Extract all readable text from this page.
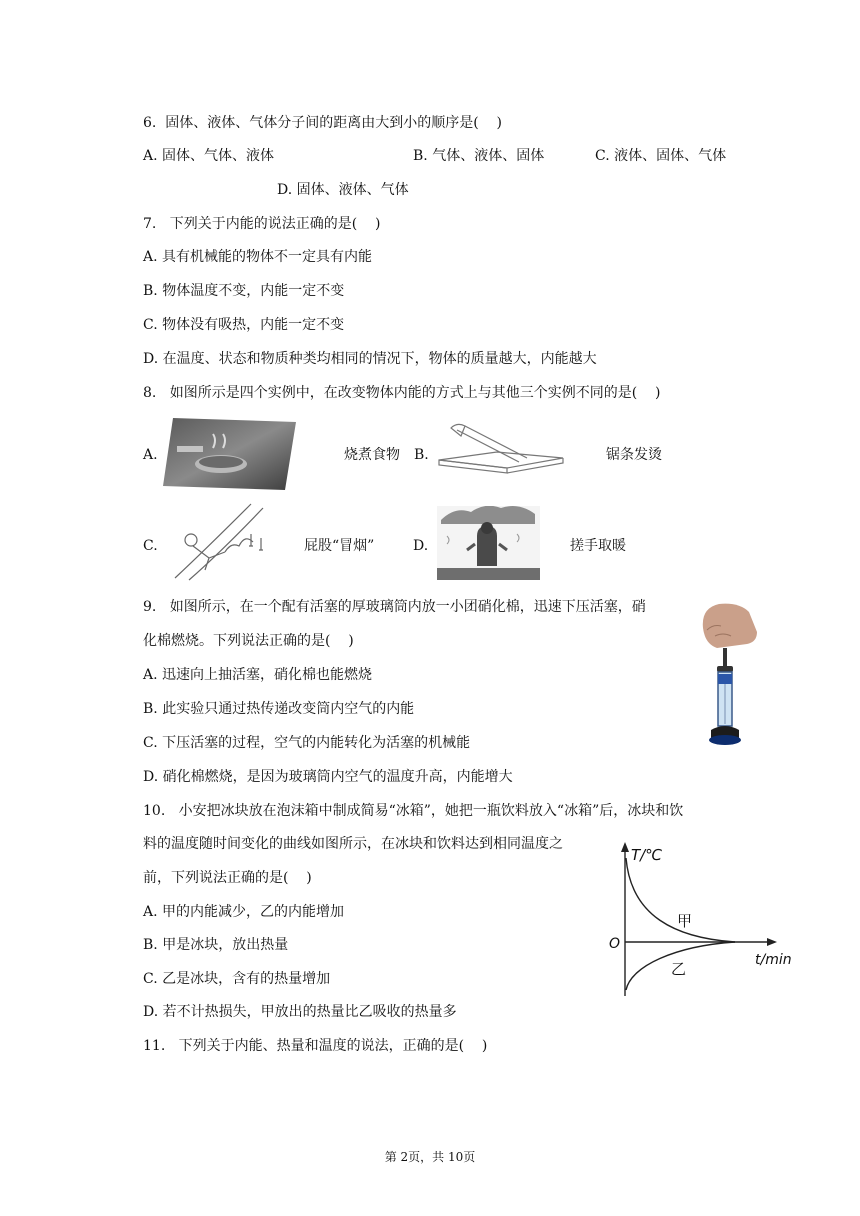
6.  固体、液体、气体分子间的距离由大到小的顺序是(    )
A. 固体、气体、液体	B. 气体、液体、固体	C. 液体、固体、气体
D. 固体、液体、气体
7.   下列关于内能的说法正确的是(    )
A. 具有机械能的物体不一定具有内能
B. 物体温度不变，内能一定不变
C. 物体没有吸热，内能一定不变
D. 在温度、状态和物质种类均相同的情况下，物体的质量越大，内能越大
8.   如图所示是四个实例中，在改变物体内能的方式上与其他三个实例不同的是(    )
A.	烧煮食物 B.	锯条发烫
C.	屁股“冒烟”	D.	搓手取暖
9.   如图所示，在一个配有活塞的厚玻璃筒内放一小团硝化棉，迅速下压活塞，硝
化棉燃烧。下列说法正确的是(    )
A. 迅速向上抽活塞，硝化棉也能燃烧
B. 此实验只通过热传递改变筒内空气的内能
C. 下压活塞的过程，空气的内能转化为活塞的机械能
D. 硝化棉燃烧，是因为玻璃筒内空气的温度升高，内能增大
10.   小安把冰块放在泡沫箱中制成简易“冰箱”，她把一瓶饮料放入“冰箱”后，冰块和饮
料的温度随时间变化的曲线如图所示，在冰块和饮料达到相同温度之
前，下列说法正确的是(    )
A. 甲的内能减少，乙的内能增加
B. 甲是冰块，放出热量
C. 乙是冰块，含有的热量增加
D. 若不计热损失，甲放出的热量比乙吸收的热量多
T/℃
O
t/min
甲
乙
11.   下列关于内能、热量和温度的说法，正确的是(    )
第 2页，共 10页
